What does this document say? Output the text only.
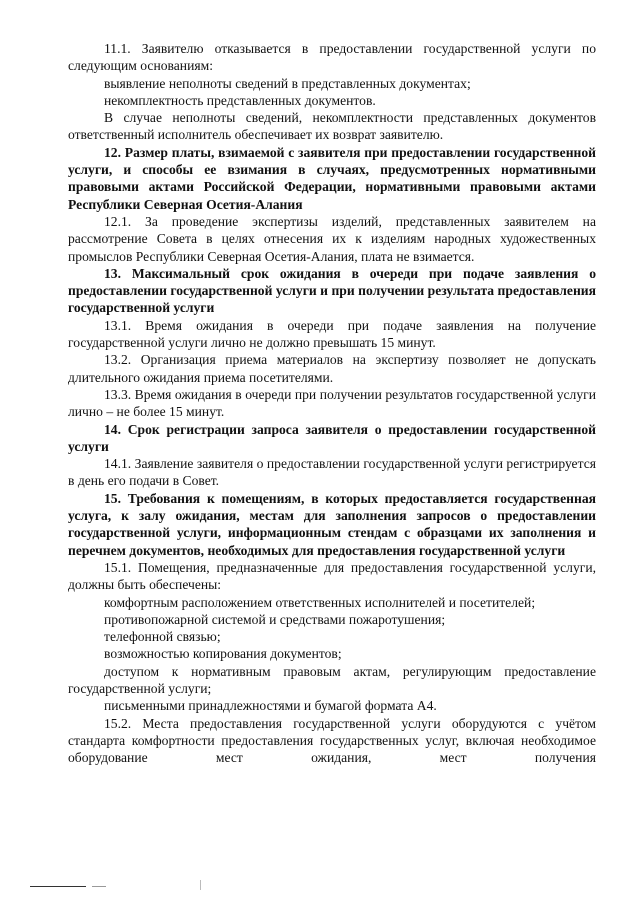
11.1. Заявителю отказывается в предоставлении государственной услуги по следующим основаниям:

выявление неполноты сведений в представленных документах;

некомплектность представленных документов.

В случае неполноты сведений, некомплектности представленных документов ответственный исполнитель обеспечивает их возврат заявителю.

12. Размер платы, взимаемой с заявителя при предоставлении государственной услуги, и способы ее взимания в случаях, предусмотренных нормативными правовыми актами Российской Федерации, нормативными правовыми актами Республики Северная Осетия-Алания

12.1. За проведение экспертизы изделий, представленных заявителем на рассмотрение Совета в целях отнесения их к изделиям народных художественных промыслов Республики Северная Осетия-Алания, плата не взимается.

13. Максимальный срок ожидания в очереди при подаче заявления о предоставлении государственной услуги и при получении результата предоставления государственной услуги

13.1. Время ожидания в очереди при подаче заявления на получение государственной услуги лично не должно превышать 15 минут.

13.2. Организация приема материалов на экспертизу позволяет не допускать длительного ожидания приема посетителями.

13.3. Время ожидания в очереди при получении результатов государственной услуги лично – не более 15 минут.

14. Срок регистрации запроса заявителя о предоставлении государственной услуги

14.1. Заявление заявителя о предоставлении государственной услуги регистрируется в день его подачи в Совет.

15. Требования к помещениям, в которых предоставляется государственная услуга, к залу ожидания, местам для заполнения запросов о предоставлении государственной услуги, информационным стендам с образцами их заполнения и перечнем документов, необходимых для предоставления государственной услуги

15.1. Помещения, предназначенные для предоставления государственной услуги, должны быть обеспечены:

комфортным расположением ответственных исполнителей и посетителей;

противопожарной системой и средствами пожаротушения;

телефонной связью;

возможностью копирования документов;

доступом к нормативным правовым актам, регулирующим предоставление государственной услуги;

письменными принадлежностями и бумагой формата А4.

15.2. Места предоставления государственной услуги оборудуются с учётом стандарта комфортности предоставления государственных услуг, включая необходимое оборудование мест ожидания, мест получения
